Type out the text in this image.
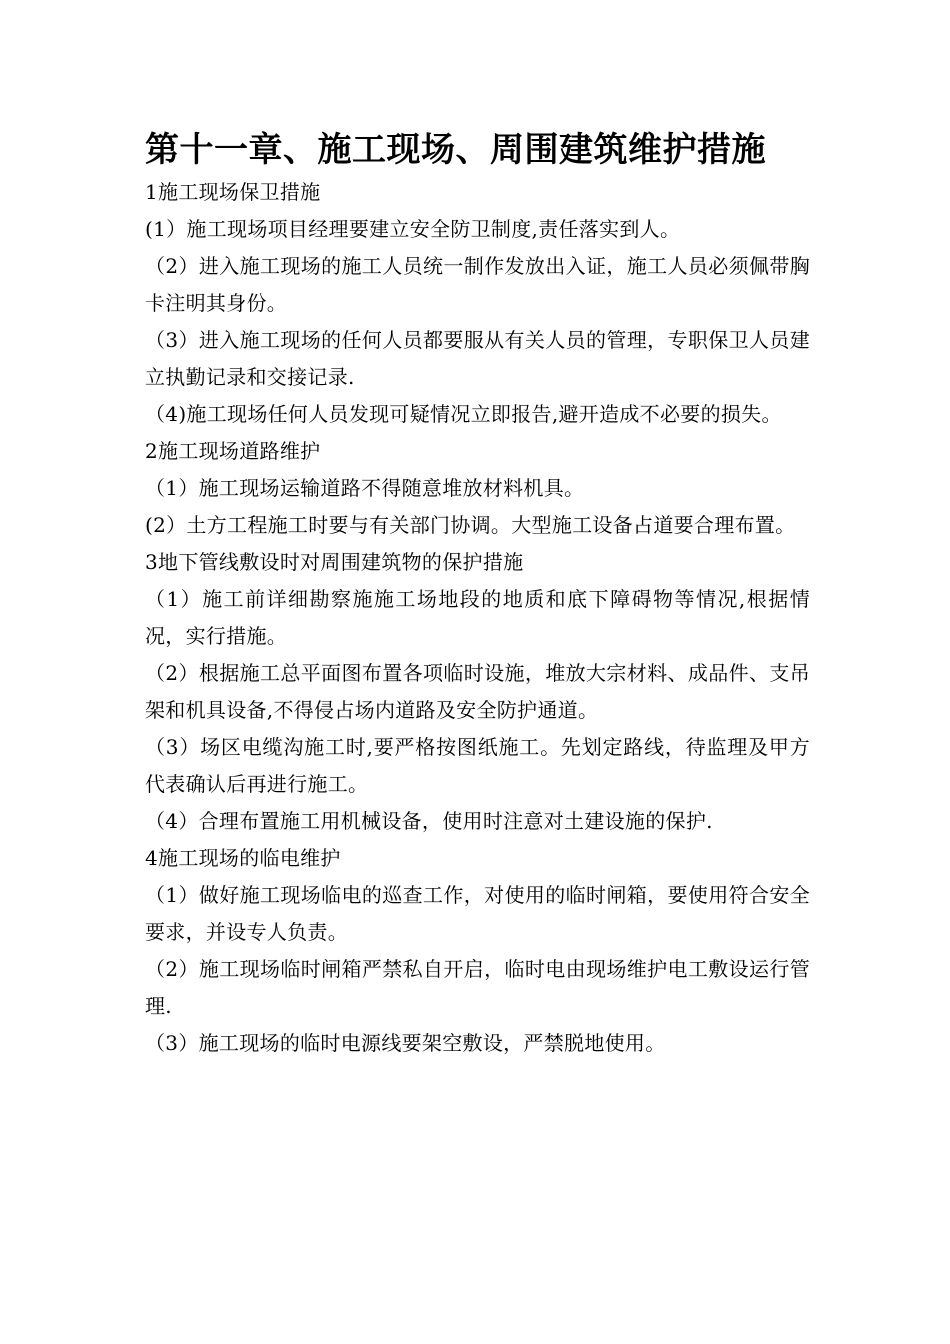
第十一章、施工现场、周围建筑维护措施

1施工现场保卫措施

(1）施工现场项目经理要建立安全防卫制度,责任落实到人。

（2）进入施工现场的施工人员统一制作发放出入证，施工人员必须佩带胸卡注明其身份。

（3）进入施工现场的任何人员都要服从有关人员的管理，专职保卫人员建立执勤记录和交接记录.

（4)施工现场任何人员发现可疑情况立即报告,避开造成不必要的损失。

2施工现场道路维护

（1）施工现场运输道路不得随意堆放材料机具。

(2）土方工程施工时要与有关部门协调。大型施工设备占道要合理布置。

3地下管线敷设时对周围建筑物的保护措施

（1）施工前详细勘察施施工场地段的地质和底下障碍物等情况,根据情况，实行措施。

（2）根据施工总平面图布置各项临时设施，堆放大宗材料、成品件、支吊架和机具设备,不得侵占场内道路及安全防护通道。

（3）场区电缆沟施工时,要严格按图纸施工。先划定路线，待监理及甲方代表确认后再进行施工。

（4）合理布置施工用机械设备，使用时注意对土建设施的保护.

4施工现场的临电维护

（1）做好施工现场临电的巡查工作，对使用的临时闸箱，要使用符合安全要求，并设专人负责。

（2）施工现场临时闸箱严禁私自开启，临时电由现场维护电工敷设运行管理.

（3）施工现场的临时电源线要架空敷设，严禁脱地使用。
